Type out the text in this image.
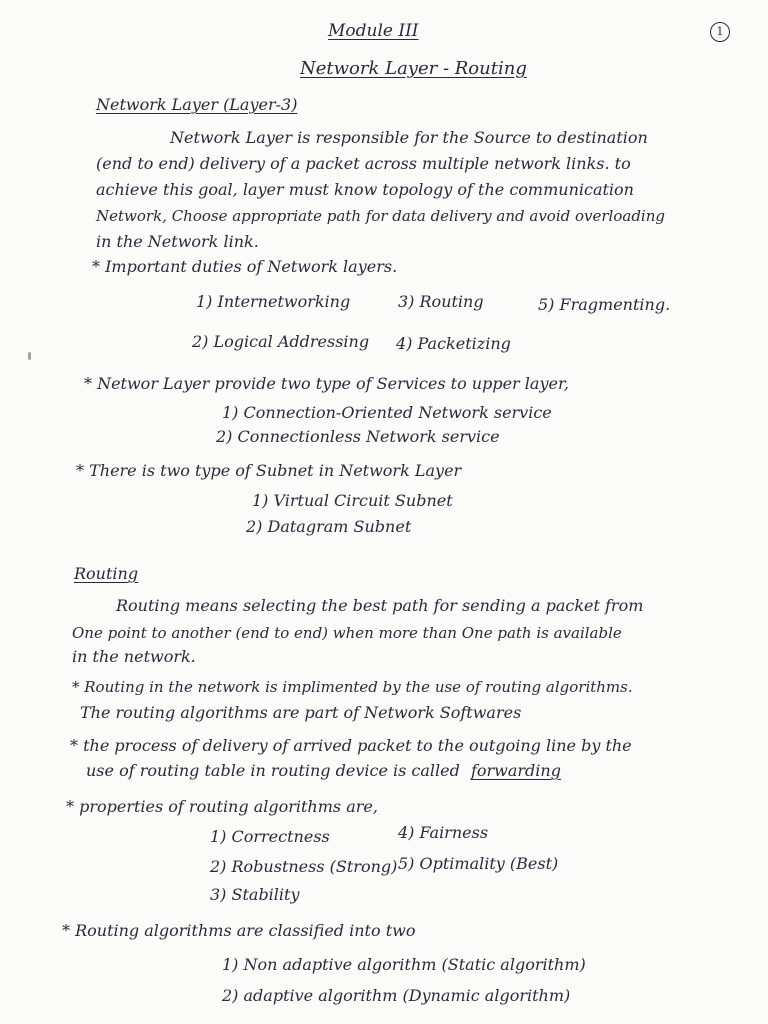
Module III	1
Network Layer - Routing
Network Layer (Layer-3)
Network Layer is responsible for the Source to destination
(end to end) delivery of a packet across multiple network links. to
achieve this goal, layer must know topology of the communication
Network, Choose appropriate path for data delivery and avoid overloading
in the Network link.
* Important duties of Network layers.
1) Internetworking	3) Routing	5) Fragmenting.
2) Logical Addressing 4) Packetizing
* Networ Layer provide two type of Services to upper layer,
1) Connection-Oriented Network service
2) Connectionless Network service
* There is two type of Subnet in Network Layer
1) Virtual Circuit Subnet
2) Datagram Subnet
Routing
Routing means selecting the best path for sending a packet from
One point to another (end to end) when more than One path is available
in the network.
* Routing in the network is implimented by the use of routing algorithms.
The routing algorithms are part of Network Softwares
* the process of delivery of arrived packet to the outgoing line by the
use of routing table in routing device is called forwarding
* properties of routing algorithms are,
1) Correctness	4) Fairness
2) Robustness (Strong) 5) Optimality (Best)
3) Stability
* Routing algorithms are classified into two
1) Non adaptive algorithm (Static algorithm)
2) adaptive algorithm (Dynamic algorithm)
